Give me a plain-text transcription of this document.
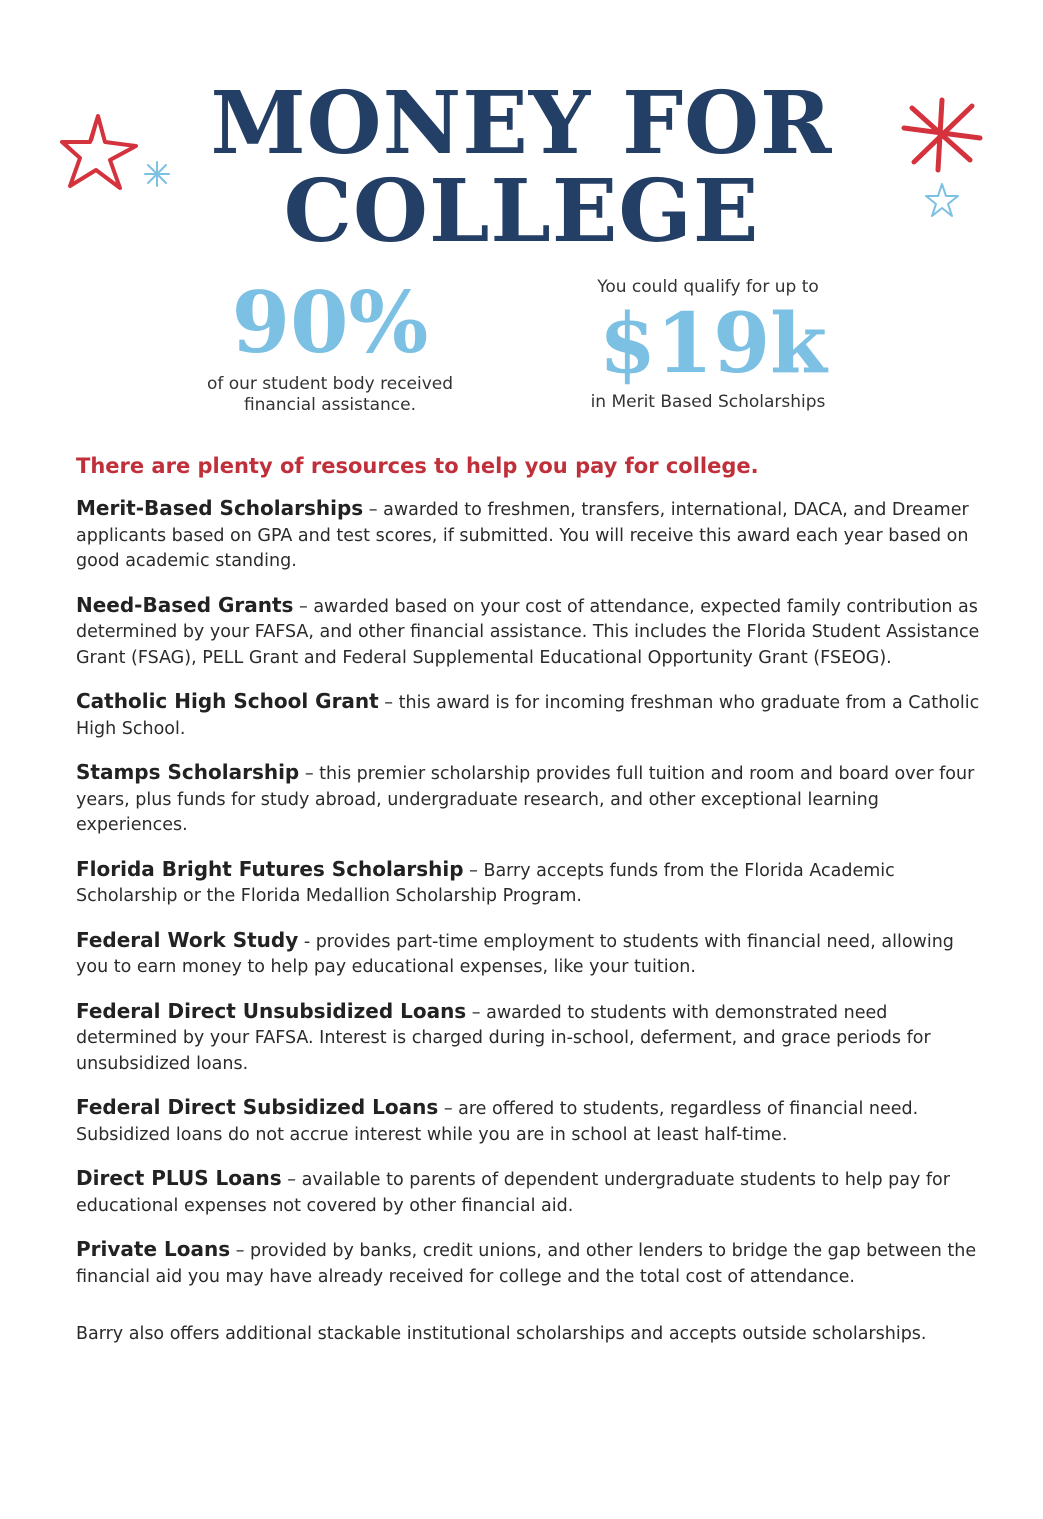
MONEY FOR
COLLEGE
90%
of our student body received
financial assistance.
You could qualify for up to
$19k
in Merit Based Scholarships
There are plenty of resources to help you pay for college.

Merit-Based Scholarships – awarded to freshmen, transfers, international, DACA, and Dreamer applicants based on GPA and test scores, if submitted. You will receive this award each year based on good academic standing.

Need-Based Grants – awarded based on your cost of attendance, expected family contribution as determined by your FAFSA, and other financial assistance. This includes the Florida Student Assistance Grant (FSAG), PELL Grant and Federal Supplemental Educational Opportunity Grant (FSEOG).

Catholic High School Grant – this award is for incoming freshman who graduate from a Catholic High School.

Stamps Scholarship – this premier scholarship provides full tuition and room and board over four years, plus funds for study abroad, undergraduate research, and other exceptional learning experiences.

Florida Bright Futures Scholarship – Barry accepts funds from the Florida Academic Scholarship or the Florida Medallion Scholarship Program.

Federal Work Study - provides part-time employment to students with financial need, allowing you to earn money to help pay educational expenses, like your tuition.

Federal Direct Unsubsidized Loans – awarded to students with demonstrated need determined by your FAFSA. Interest is charged during in-school, deferment, and grace periods for unsubsidized loans.

Federal Direct Subsidized Loans – are offered to students, regardless of financial need. Subsidized loans do not accrue interest while you are in school at least half-time.

Direct PLUS Loans – available to parents of dependent undergraduate students to help pay for educational expenses not covered by other financial aid.

Private Loans – provided by banks, credit unions, and other lenders to bridge the gap between the financial aid you may have already received for college and the total cost of attendance.

Barry also offers additional stackable institutional scholarships and accepts outside scholarships.
